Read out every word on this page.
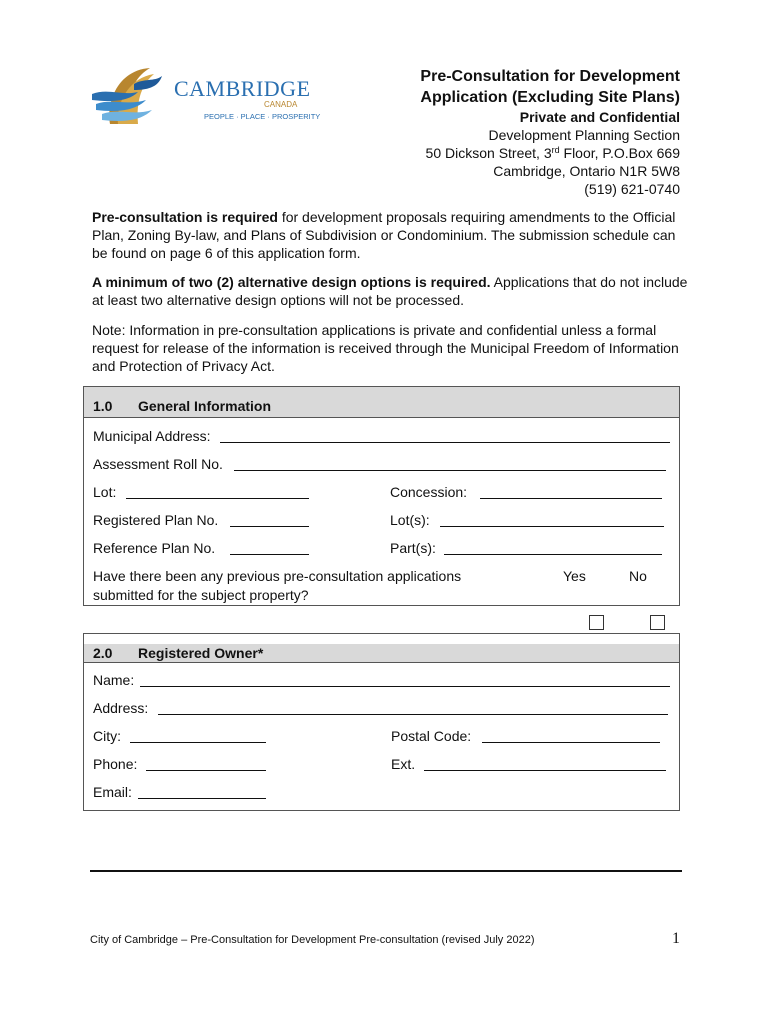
CAMBRIDGE
CANADA
PEOPLE · PLACE · PROSPERITY
Pre-Consultation for Development
Application (Excluding Site Plans)
Private and Confidential
Development Planning Section
50 Dickson Street, 3rd Floor, P.O.Box 669
Cambridge, Ontario N1R 5W8
(519) 621-0740
Pre-consultation is required for development proposals requiring amendments to the Official Plan, Zoning By-law, and Plans of Subdivision or Condominium. The submission schedule can be found on page 6 of this application form.
A minimum of two (2) alternative design options is required. Applications that do not include at least two alternative design options will not be processed.
Note: Information in pre-consultation applications is private and confidential unless a formal request for release of the information is received through the Municipal Freedom of Information and Protection of Privacy Act.
1.0 General Information
Municipal Address:
Assessment Roll No.
Lot:	Concession:
Registered Plan No.	Lot(s):
Reference Plan No.	Part(s):
Have there been any previous pre-consultation applications
submitted for the subject property?
Yes	No
2.0 Registered Owner*
Name:
Address:
City:	Postal Code:
Phone:	Ext.
Email:
City of Cambridge – Pre-Consultation for Development Pre-consultation (revised July 2022)	1
